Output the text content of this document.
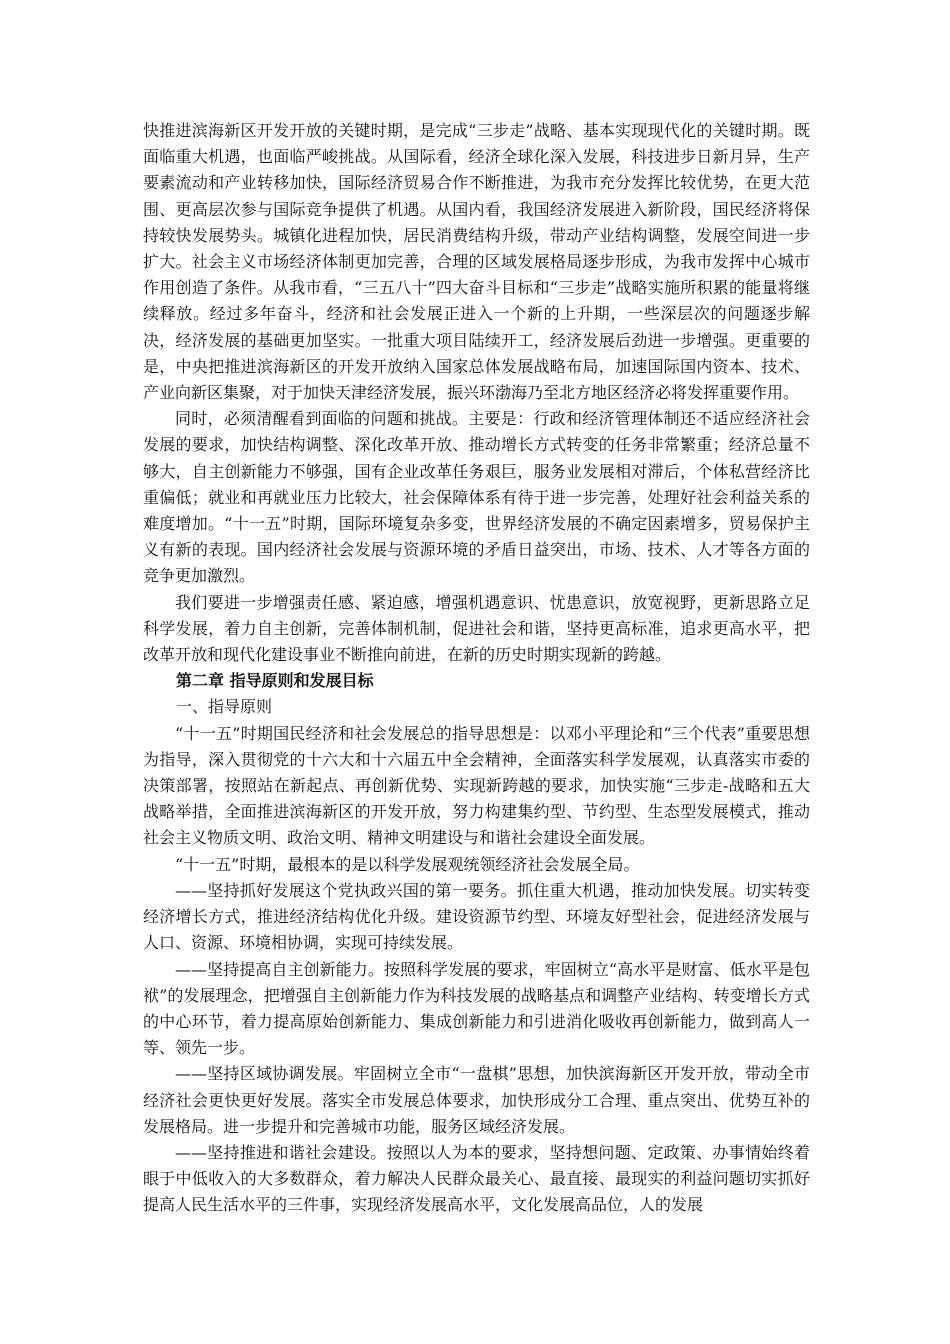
快推进滨海新区开发开放的关键时期，是完成“三步走”战略、基本实现现代化的关键时期。既面临重大机遇，也面临严峻挑战。从国际看，经济全球化深入发展，科技进步日新月异，生产要素流动和产业转移加快，国际经济贸易合作不断推进，为我市充分发挥比较优势，在更大范围、更高层次参与国际竞争提供了机遇。从国内看，我国经济发展进入新阶段，国民经济将保持较快发展势头。城镇化进程加快，居民消费结构升级，带动产业结构调整，发展空间进一步扩大。社会主义市场经济体制更加完善，合理的区域发展格局逐步形成，为我市发挥中心城市作用创造了条件。从我市看，“三五八十”四大奋斗目标和“三步走”战略实施所积累的能量将继续释放。经过多年奋斗，经济和社会发展正进入一个新的上升期，一些深层次的问题逐步解决，经济发展的基础更加坚实。一批重大项目陆续开工，经济发展后劲进一步增强。更重要的是，中央把推进滨海新区的开发开放纳入国家总体发展战略布局，加速国际国内资本、技术、产业向新区集聚，对于加快天津经济发展，振兴环渤海乃至北方地区经济必将发挥重要作用。

同时，必须清醒看到面临的问题和挑战。主要是：行政和经济管理体制还不适应经济社会发展的要求，加快结构调整、深化改革开放、推动增长方式转变的任务非常繁重；经济总量不够大，自主创新能力不够强，国有企业改革任务艰巨，服务业发展相对滞后，个体私营经济比重偏低；就业和再就业压力比较大，社会保障体系有待于进一步完善，处理好社会利益关系的难度增加。“十一五”时期，国际环境复杂多变，世界经济发展的不确定因素增多，贸易保护主义有新的表现。国内经济社会发展与资源环境的矛盾日益突出，市场、技术、人才等各方面的竞争更加激烈。

我们要进一步增强责任感、紧迫感，增强机遇意识、忧患意识，放宽视野，更新思路立足科学发展，着力自主创新，完善体制机制，促进社会和谐，坚持更高标准，追求更高水平，把改革开放和现代化建设事业不断推向前进，在新的历史时期实现新的跨越。

第二章 指导原则和发展目标

一、指导原则

“十一五”时期国民经济和社会发展总的指导思想是：以邓小平理论和“三个代表”重要思想为指导，深入贯彻党的十六大和十六届五中全会精神，全面落实科学发展观，认真落实市委的决策部署，按照站在新起点、再创新优势、实现新跨越的要求，加快实施“三步走-战略和五大战略举措，全面推进滨海新区的开发开放，努力构建集约型、节约型、生态型发展模式，推动社会主义物质文明、政治文明、精神文明建设与和谐社会建设全面发展。

“十一五”时期，最根本的是以科学发展观统领经济社会发展全局。

——坚持抓好发展这个党执政兴国的第一要务。抓住重大机遇，推动加快发展。切实转变经济增长方式，推进经济结构优化升级。建设资源节约型、环境友好型社会，促进经济发展与人口、资源、环境相协调，实现可持续发展。

——坚持提高自主创新能力。按照科学发展的要求，牢固树立“高水平是财富、低水平是包袱”的发展理念，把增强自主创新能力作为科技发展的战略基点和调整产业结构、转变增长方式的中心环节，着力提高原始创新能力、集成创新能力和引进消化吸收再创新能力，做到高人一等、领先一步。

——坚持区域协调发展。牢固树立全市“一盘棋”思想，加快滨海新区开发开放，带动全市经济社会更快更好发展。落实全市发展总体要求，加快形成分工合理、重点突出、优势互补的发展格局。进一步提升和完善城市功能，服务区域经济发展。

——坚持推进和谐社会建设。按照以人为本的要求，坚持想问题、定政策、办事情始终着眼于中低收入的大多数群众，着力解决人民群众最关心、最直接、最现实的利益问题切实抓好提高人民生活水平的三件事，实现经济发展高水平，文化发展高品位，人的发展
